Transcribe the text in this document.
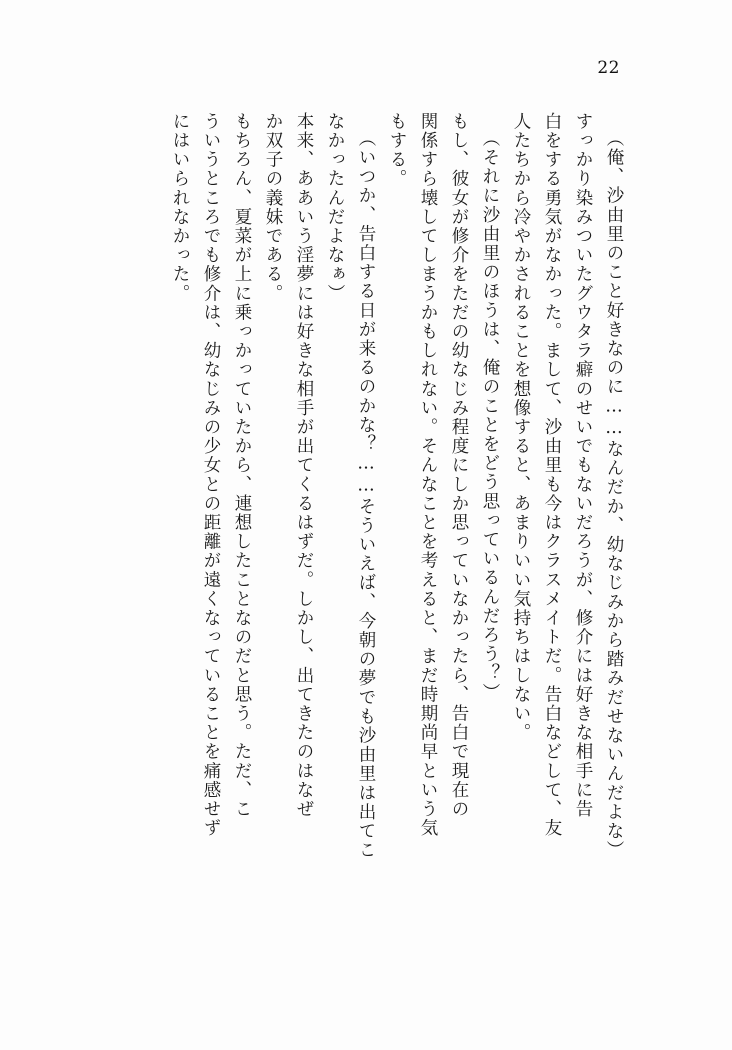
22
（俺、沙由里のこと好きなのに……なんだか、幼なじみから踏みだせないんだよな）
すっかり染みついたグウタラ癖のせいでもないだろうが、修介には好きな相手に告
白をする勇気がなかった。まして、沙由里も今はクラスメイトだ。告白などして、友
人たちから冷やかされることを想像すると、あまりいい気持ちはしない。
（それに沙由里のほうは、俺のことをどう思っているんだろう？）
もし、彼女が修介をただの幼なじみ程度にしか思っていなかったら、告白で現在の
関係すら壊してしまうかもしれない。そんなことを考えると、まだ時期尚早という気
もする。
（いつか、告白する日が来るのかな？……そういえば、今朝の夢でも沙由里は出てこ
なかったんだよなぁ）
本来、ああいう淫夢には好きな相手が出てくるはずだ。しかし、出てきたのはなぜ
か双子の義妹である。
もちろん、夏菜が上に乗っかっていたから、連想したことなのだと思う。ただ、こ
ういうところでも修介は、幼なじみの少女との距離が遠くなっていることを痛感せず
にはいられなかった。
